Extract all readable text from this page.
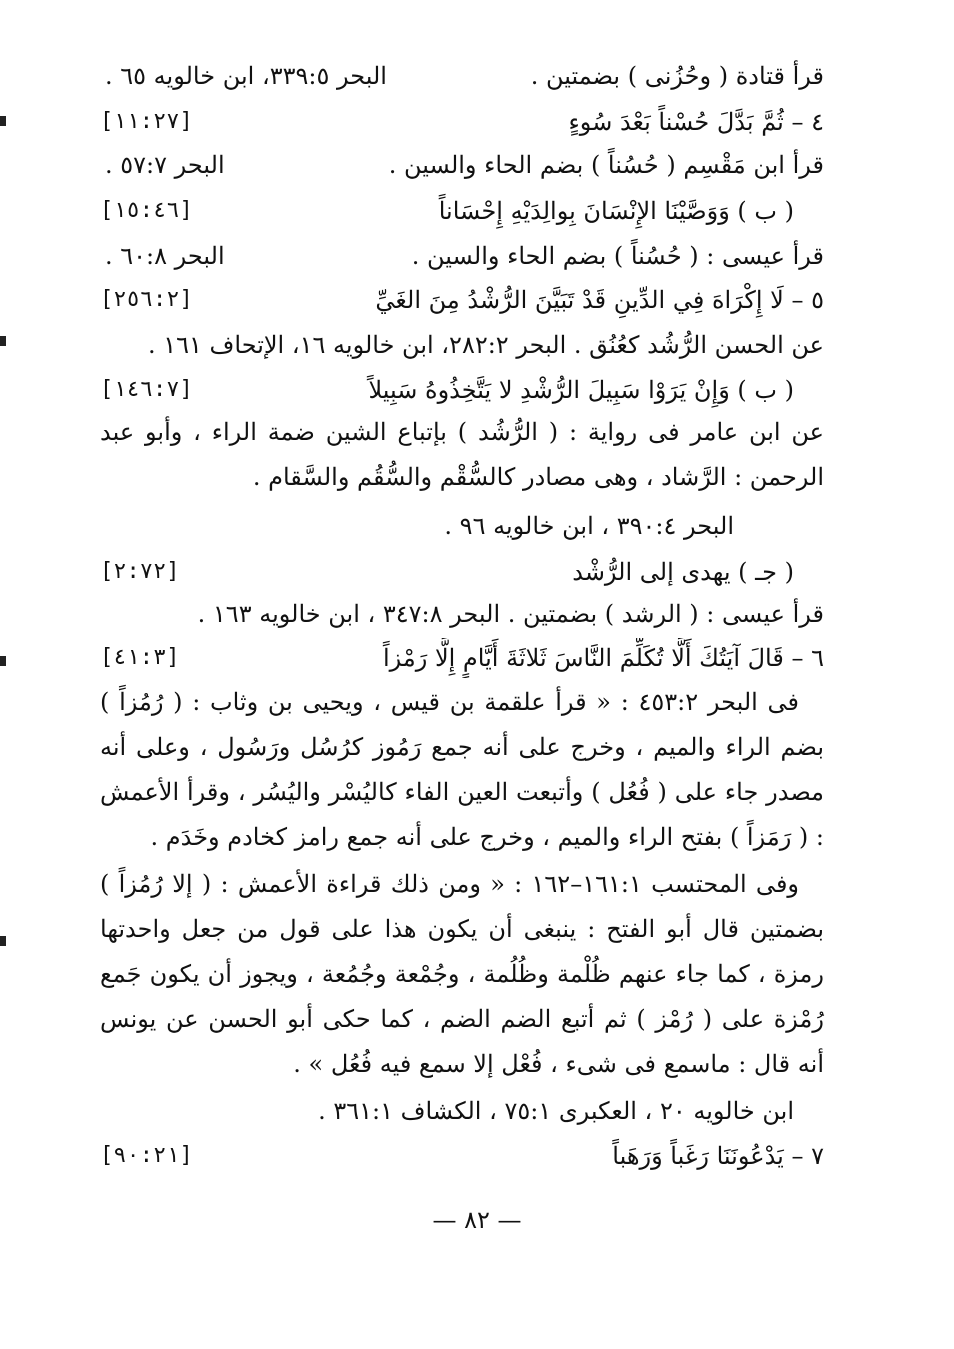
قرأ قتادة ( وحُزُنى ) بضمتين .
البحر ٣٣٩:٥، ابن خالويه ٦٥ .
٤ – ثُمَّ بَدَّلَ حُسْناً بَعْدَ سُوءٍ
[١١:٢٧]
قرأ ابن مَقْسِم ( حُسُناً ) بضم الحاء والسين .
البحر ٥٧:٧ .
( ب ) وَوَصَّيْنَا الإِنْسَانَ بِوالِدَيْهِ إِحْسَاناً
[١٥:٤٦]
قرأ عيسى : ( حُسُناً ) بضم الحاء والسين .
البحر ٦٠:٨ .
٥ – لَا إِكْرَاهَ فِي الدِّينِ قَدْ تَبَيَّنَ الرُّشْدُ مِنَ الغَيِّ
[٢٥٦:٢]
عن الحسن الرُّشُد كعُنُق . البحر ٢٨٢:٢، ابن خالويه ١٦، الإتحاف ١٦١ .
( ب ) وَإِنْ يَرَوْا سَبِيلَ الرُّشْدِ لا يَتَّخِذُوهُ سَبِيلاً
[١٤٦:٧]
عن ابن عامر فى رواية : ( الرُّشُد ) بإتباع الشين ضمة الراء ، وأبو عبد الرحمن : الرَّشاد ، وهى مصادر كالسُّقْم والسُّقُم والسَّقام .
البحر ٣٩٠:٤ ، ابن خالويه ٩٦ .
( جـ ) يهدى إلى الرُّشْد
[٢:٧٢]
قرأ عيسى : ( الرشد ) بضمتين . البحر ٣٤٧:٨ ، ابن خالويه ١٦٣ .
٦ – قَالَ آيَتُكَ أَلَّا تُكَلِّمَ النَّاسَ ثَلاثَةَ أَيَّامٍ إِلَّا رَمْزاً
[٤١:٣]
فى البحر ٤٥٣:٢ : « قرأ علقمة بن قيس ، ويحيى بن وثاب : ( رُمُزاً ) بضم الراء والميم ، وخرج على أنه جمع رَمُوز كرُسُل ورَسُول ، وعلى أنه مصدر جاء على ( فُعُل ) وأتبعت العين الفاء كاليُسْر واليُسُر ، وقرأ الأعمش : ( رَمَزاً ) بفتح الراء والميم ، وخرج على أنه جمع رامز كخادم وخَدَم .
وفى المحتسب ١٦١:١–١٦٢ : « ومن ذلك قراءة الأعمش : ( إلا رُمُزاً ) بضمتين قال أبو الفتح : ينبغى أن يكون هذا على قول من جعل واحدتها رمزة ، كما جاء عنهم ظُلْمة وظُلُمة ، وجُمْعة وجُمُعة ، ويجوز أن يكون جَمع رُمْزة على ( رُمْز ) ثم أتبع الضم الضم ، كما حكى أبو الحسن عن يونس أنه قال : ماسمع فى شىء ، فُعْل إلا سمع فيه فُعُل » .
ابن خالويه ٢٠ ، العكبرى ٧٥:١ ، الكشاف ٣٦١:١ .
٧ – يَدْعُونَنَا رَغَباً وَرَهَباً
[٩٠:٢١]
— ٨٢ —
